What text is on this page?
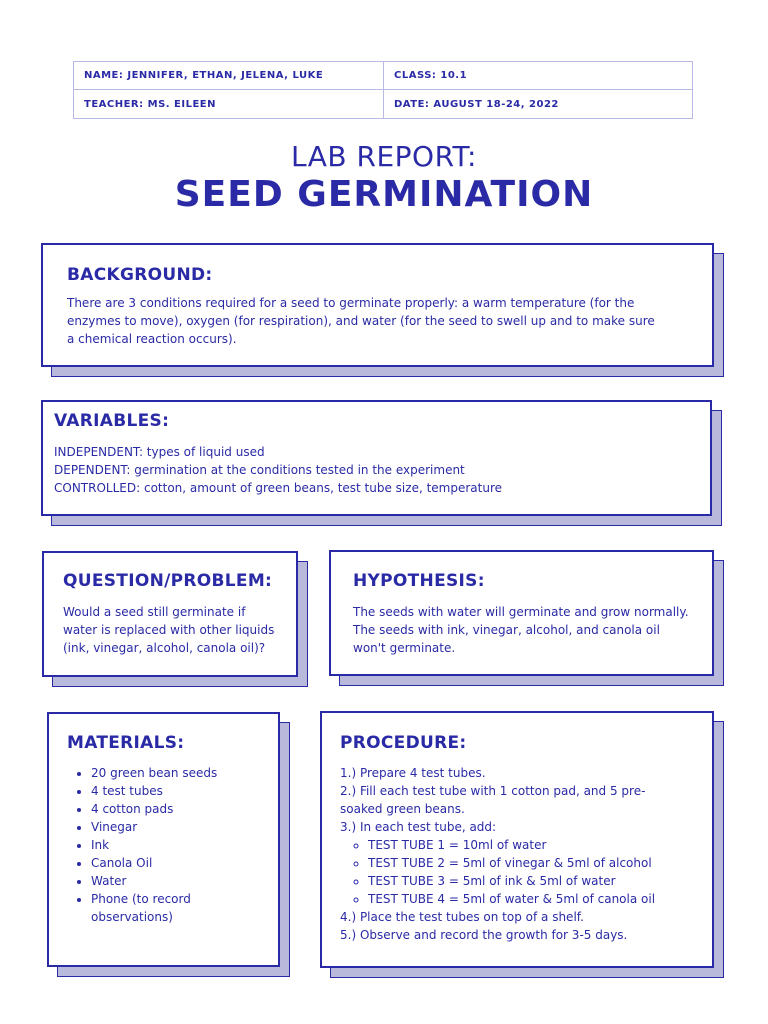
NAME: JENNIFER, ETHAN, JELENA, LUKE	CLASS: 10.1
TEACHER: MS. EILEEN	DATE: AUGUST 18-24, 2022
LAB REPORT:
SEED GERMINATION
BACKGROUND:
There are 3 conditions required for a seed to germinate properly: a warm temperature (for the
enzymes to move), oxygen (for respiration), and water (for the seed to swell up and to make sure
a chemical reaction occurs).
VARIABLES:
INDEPENDENT: types of liquid used
DEPENDENT: germination at the conditions tested in the experiment
CONTROLLED: cotton, amount of green beans, test tube size, temperature
QUESTION/PROBLEM:
Would a seed still germinate if
water is replaced with other liquids
(ink, vinegar, alcohol, canola oil)?
HYPOTHESIS:
The seeds with water will germinate and grow normally.
The seeds with ink, vinegar, alcohol, and canola oil
won't germinate.
MATERIALS:
• 20 green bean seeds
• 4 test tubes
• 4 cotton pads
• Vinegar
• Ink
• Canola Oil
• Water
• Phone (to record
observations)
PROCEDURE:
1.) Prepare 4 test tubes.
2.) Fill each test tube with 1 cotton pad, and 5 pre-
soaked green beans.
3.) In each test tube, add:
◦ TEST TUBE 1 = 10ml of water
◦ TEST TUBE 2 = 5ml of vinegar & 5ml of alcohol
◦ TEST TUBE 3 = 5ml of ink & 5ml of water
◦ TEST TUBE 4 = 5ml of water & 5ml of canola oil
4.) Place the test tubes on top of a shelf.
5.) Observe and record the growth for 3-5 days.
